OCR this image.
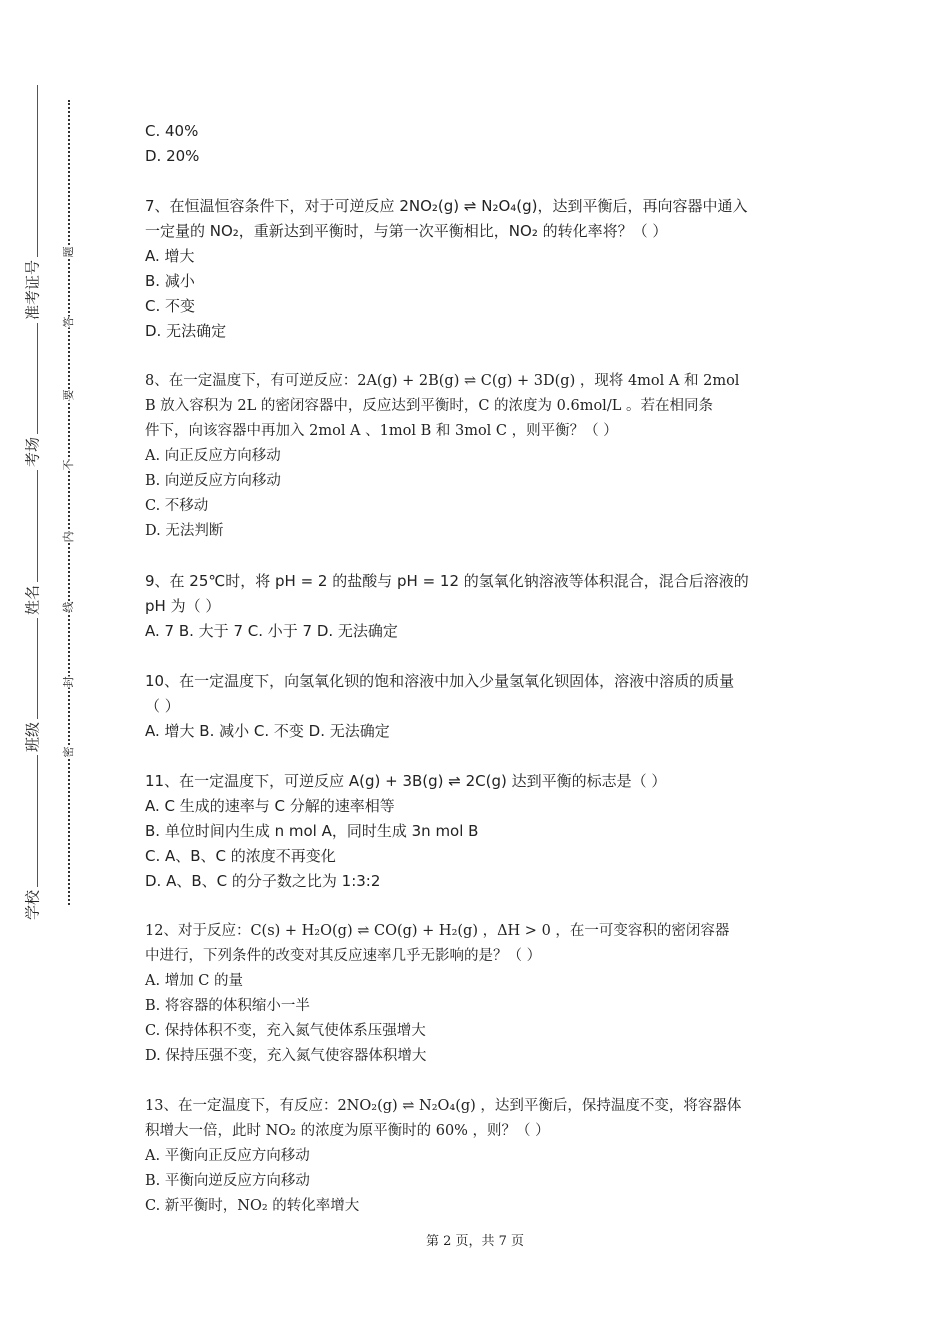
准考证号
考场
姓名
班级
学校
题
答
要
不
内
线
封
密
C. 40%
D. 20%
7、在恒温恒容条件下，对于可逆反应 2NO₂(g) ⇌ N₂O₄(g)，达到平衡后，再向容器中通入
一定量的 NO₂，重新达到平衡时，与第一次平衡相比，NO₂ 的转化率将？（ ）
A. 增大
B. 减小
C. 不变
D. 无法确定
8、在一定温度下，有可逆反应：2A(g) + 2B(g) ⇌ C(g) + 3D(g) ，现将 4mol A 和 2mol
B 放入容积为 2L 的密闭容器中，反应达到平衡时，C 的浓度为 0.6mol/L 。若在相同条
件下，向该容器中再加入 2mol A 、1mol B 和 3mol C ，则平衡？（ ）
A. 向正反应方向移动
B. 向逆反应方向移动
C. 不移动
D. 无法判断
9、在 25℃时，将 pH = 2 的盐酸与 pH = 12 的氢氧化钠溶液等体积混合，混合后溶液的
pH 为（ ）
A. 7 B. 大于 7 C. 小于 7 D. 无法确定
10、在一定温度下，向氢氧化钡的饱和溶液中加入少量氢氧化钡固体，溶液中溶质的质量
（ ）
A. 增大 B. 减小 C. 不变 D. 无法确定
11、在一定温度下，可逆反应 A(g) + 3B(g) ⇌ 2C(g) 达到平衡的标志是（ ）
A. C 生成的速率与 C 分解的速率相等
B. 单位时间内生成 n mol A，同时生成 3n mol B
C. A、B、C 的浓度不再变化
D. A、B、C 的分子数之比为 1:3:2
12、对于反应：C(s) + H₂O(g) ⇌ CO(g) + H₂(g) ，ΔH > 0 ，在一可变容积的密闭容器
中进行，下列条件的改变对其反应速率几乎无影响的是？（ ）
A. 增加 C 的量
B. 将容器的体积缩小一半
C. 保持体积不变，充入氮气使体系压强增大
D. 保持压强不变，充入氮气使容器体积增大
13、在一定温度下，有反应：2NO₂(g) ⇌ N₂O₄(g) ，达到平衡后，保持温度不变，将容器体
积增大一倍，此时 NO₂ 的浓度为原平衡时的 60% ，则？（ ）
A. 平衡向正反应方向移动
B. 平衡向逆反应方向移动
C. 新平衡时，NO₂ 的转化率增大
第 2 页，共 7 页
